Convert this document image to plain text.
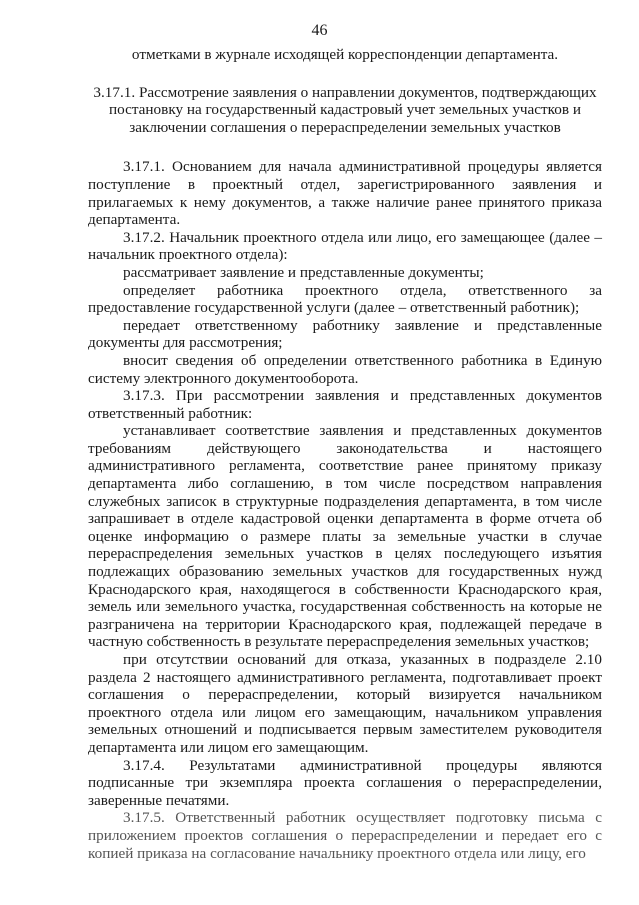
46

отметками в журнале исходящей корреспонденции департамента.

3.17.1. Рассмотрение заявления о направлении документов, подтверждающих постановку на государственный кадастровый учет земельных участков и заключении соглашения о перераспределении земельных участков

3.17.1. Основанием для начала административной процедуры является поступление в проектный отдел, зарегистрированного заявления и прилагаемых к нему документов, а также наличие ранее принятого приказа департамента.

3.17.2. Начальник проектного отдела или лицо, его замещающее (далее – начальник проектного отдела):

рассматривает заявление и представленные документы;

определяет работника проектного отдела, ответственного за предоставление государственной услуги (далее – ответственный работник);

передает ответственному работнику заявление и представленные документы для рассмотрения;

вносит сведения об определении ответственного работника в Единую систему электронного документооборота.

3.17.3. При рассмотрении заявления и представленных документов ответственный работник:

устанавливает соответствие заявления и представленных документов требованиям действующего законодательства и настоящего административного регламента, соответствие ранее принятому приказу департамента либо соглашению, в том числе посредством направления служебных записок в структурные подразделения департамента, в том числе запрашивает в отделе кадастровой оценки департамента в форме отчета об оценке информацию о размере платы за земельные участки в случае перераспределения земельных участков в целях последующего изъятия подлежащих образованию земельных участков для государственных нужд Краснодарского края, находящегося в собственности Краснодарского края, земель или земельного участка, государственная собственность на которые не разграничена на территории Краснодарского края, подлежащей передаче в частную собственность в результате перераспределения земельных участков;

при отсутствии оснований для отказа, указанных в подразделе 2.10 раздела 2 настоящего административного регламента, подготавливает проект соглашения о перераспределении, который визируется начальником проектного отдела или лицом его замещающим, начальником управления земельных отношений и подписывается первым заместителем руководителя департамента или лицом его замещающим.

3.17.4. Результатами административной процедуры являются подписанные три экземпляра проекта соглашения о перераспределении, заверенные печатями.

3.17.5. Ответственный работник осуществляет подготовку письма с приложением проектов соглашения о перераспределении и передает его с копией приказа на согласование начальнику проектного отдела или лицу, его
